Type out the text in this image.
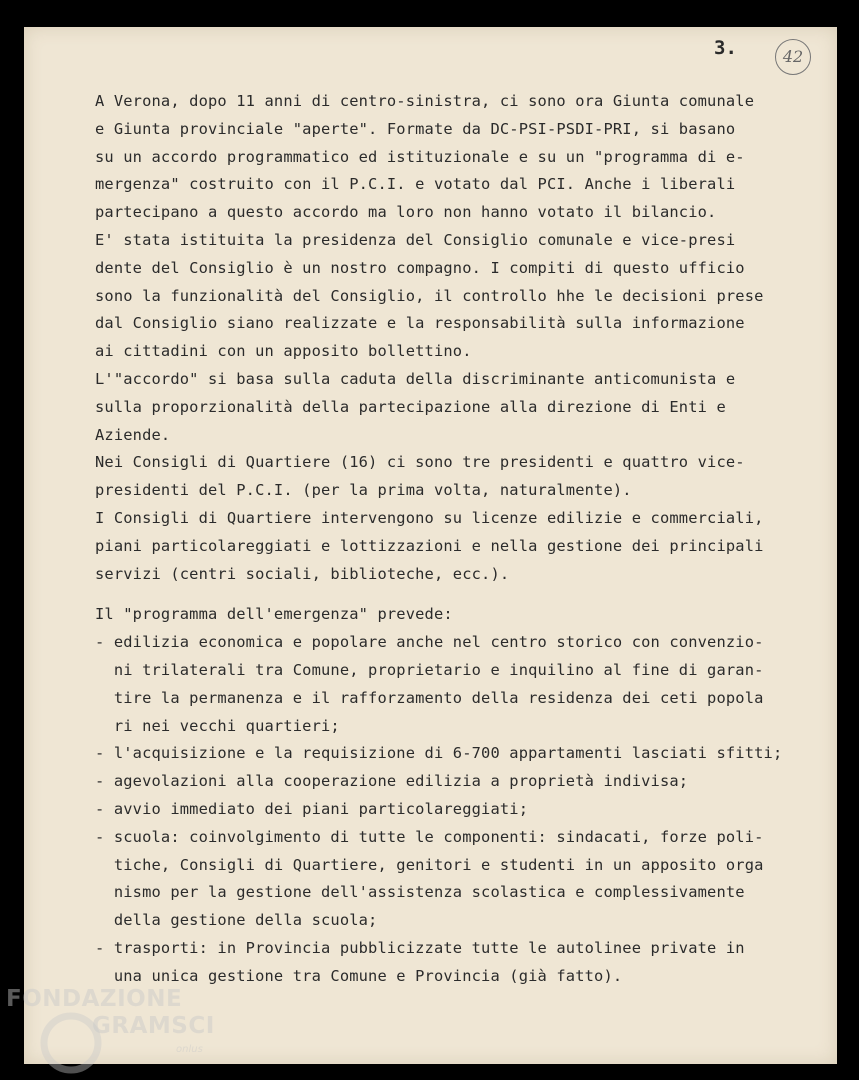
3.	42
A Verona, dopo 11 anni di centro-sinistra, ci sono ora Giunta comunale
e Giunta provinciale "aperte". Formate da DC-PSI-PSDI-PRI, si basano
su un accordo programmatico ed istituzionale e su un "programma di e-
mergenza" costruito con il P.C.I. e votato dal PCI. Anche i liberali
partecipano a questo accordo ma loro non hanno votato il bilancio.
E' stata istituita la presidenza del Consiglio comunale e vice-presi
dente del Consiglio è un nostro compagno. I compiti di questo ufficio
sono la funzionalità del Consiglio, il controllo hhe le decisioni prese
dal Consiglio siano realizzate e la responsabilità sulla informazione
ai cittadini con un apposito bollettino.
L'"accordo" si basa sulla caduta della discriminante anticomunista e
sulla proporzionalità della partecipazione alla direzione di Enti e
Aziende.
Nei Consigli di Quartiere (16) ci sono tre presidenti e quattro vice-
presidenti del P.C.I. (per la prima volta, naturalmente).
I Consigli di Quartiere intervengono su licenze edilizie e commerciali,
piani particolareggiati e lottizzazioni e nella gestione dei principali
servizi (centri sociali, biblioteche, ecc.).
Il "programma dell'emergenza" prevede:
- edilizia economica e popolare anche nel centro storico con convenzio-
ni trilaterali tra Comune, proprietario e inquilino al fine di garan-
tire la permanenza e il rafforzamento della residenza dei ceti popola
ri nei vecchi quartieri;
- l'acquisizione e la requisizione di 6-700 appartamenti lasciati sfitti;
- agevolazioni alla cooperazione edilizia a proprietà indivisa;
- avvio immediato dei piani particolareggiati;
- scuola: coinvolgimento di tutte le componenti: sindacati, forze poli-
tiche, Consigli di Quartiere, genitori e studenti in un apposito orga
nismo per la gestione dell'assistenza scolastica e complessivamente
della gestione della scuola;
- trasporti: in Provincia pubblicizzate tutte le autolinee private in
una unica gestione tra Comune e Provincia (già fatto).
FONDAZIONE
GRAMSCI
onlus
